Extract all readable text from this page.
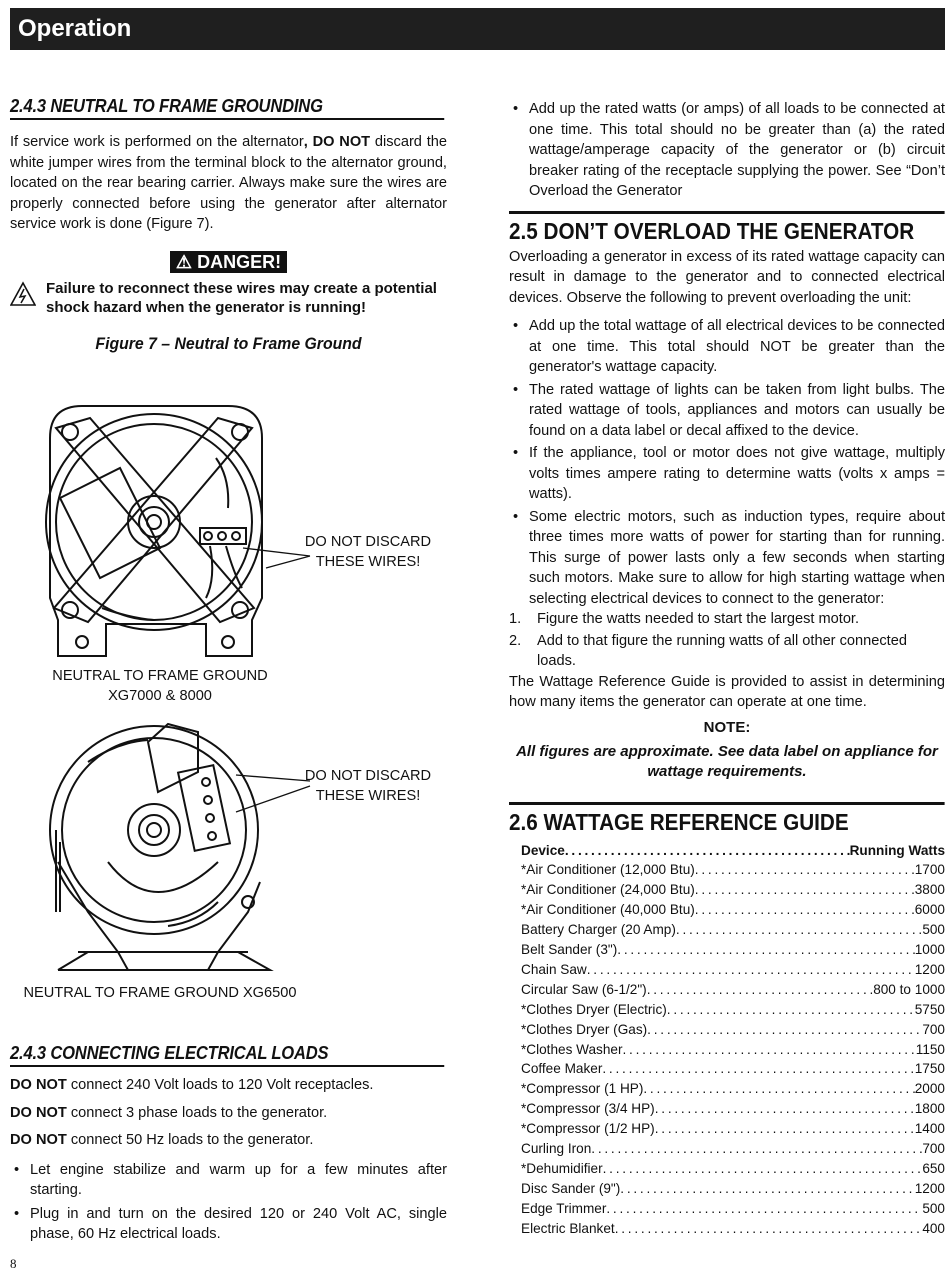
Operation
2.4.3 NEUTRAL TO FRAME GROUNDING

If service work is performed on the alternator, DO NOT discard the white jumper wires from the terminal block to the alternator ground, located on the rear bearing carrier. Always make sure the wires are properly connected before using the generator after alternator service work is done (Figure 7).

⚠ DANGER!
Failure to reconnect these wires may create a potential shock hazard when the generator is running!
Figure 7 – Neutral to Frame Ground
DO NOT DISCARD
THESE WIRES!
NEUTRAL TO FRAME GROUND
XG7000 & 8000
DO NOT DISCARD
THESE WIRES!
NEUTRAL TO FRAME GROUND XG6500
2.4.3 CONNECTING ELECTRICAL LOADS

DO NOT connect 240 Volt loads to 120 Volt receptacles.

DO NOT connect 3 phase loads to the generator.

DO NOT connect 50 Hz loads to the generator.

• Let engine stabilize and warm up for a few minutes after starting.
• Plug in and turn on the desired 120 or 240 Volt AC, single phase, 60 Hz electrical loads.
• Add up the rated watts (or amps) of all loads to be connected at one time. This total should no be greater than (a) the rated wattage/amperage capacity of the generator or (b) circuit breaker rating of the receptacle supplying the power. See “Don’t Overload the Generator
2.5 DON’T OVERLOAD THE GENERATOR

Overloading a generator in excess of its rated wattage capacity can result in damage to the generator and to connected electrical devices. Observe the following to prevent overloading the unit:

• Add up the total wattage of all electrical devices to be connected at one time. This total should NOT be greater than the generator's wattage capacity.
• The rated wattage of lights can be taken from light bulbs. The rated wattage of tools, appliances and motors can usually be found on a data label or decal affixed to the device.
• If the appliance, tool or motor does not give wattage, multiply volts times ampere rating to determine watts (volts x amps = watts).
• Some electric motors, such as induction types, require about three times more watts of power for starting than for running. This surge of power lasts only a few seconds when starting such motors. Make sure to allow for high starting wattage when selecting electrical devices to connect to the generator:
1. Figure the watts needed to start the largest motor.
2. Add to that figure the running watts of all other connected loads.

The Wattage Reference Guide is provided to assist in determining how many items the generator can operate at one time.

NOTE:
All figures are approximate. See data label on appliance for wattage requirements.
2.6 WATTAGE REFERENCE GUIDE
Device . . .	Running Watts
*Air Conditioner (12,000 Btu) . . .	1700
*Air Conditioner (24,000 Btu) . . .	3800
*Air Conditioner (40,000 Btu) . . .	6000
Battery Charger (20 Amp) . . .	500
Belt Sander (3") . . .	1000
Chain Saw . . .	1200
Circular Saw (6-1/2") . . .	800 to 1000
*Clothes Dryer (Electric) . . .	5750
*Clothes Dryer (Gas) . . .	700
*Clothes Washer . . .	1150
Coffee Maker . . .	1750
*Compressor (1 HP) . . .	2000
*Compressor (3/4 HP) . . .	1800
*Compressor (1/2 HP) . . .	1400
Curling Iron . . .	700
*Dehumidifier . . .	650
Disc Sander (9") . . .	1200
Edge Trimmer . . .	500
Electric Blanket . . .	400
8
